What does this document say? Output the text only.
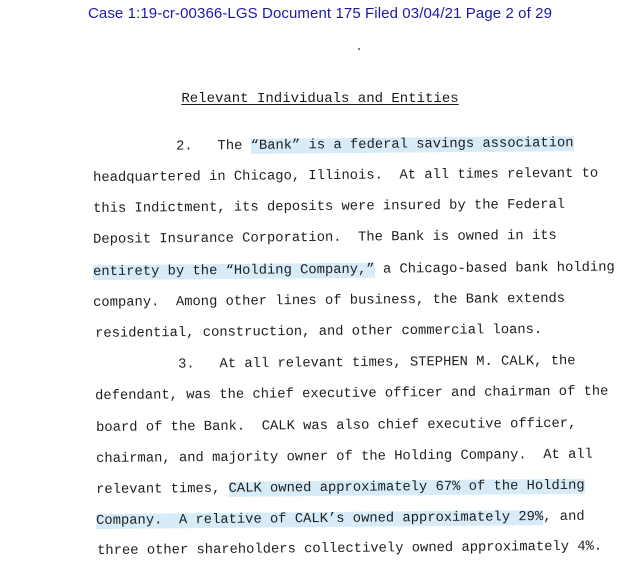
Case 1:19-cr-00366-LGS Document 175 Filed 03/04/21 Page 2 of 29
Relevant Individuals and Entities

2.   The “Bank” is a federal savings association

headquartered in Chicago, Illinois.  At all times relevant to

this Indictment, its deposits were insured by the Federal

Deposit Insurance Corporation.  The Bank is owned in its

entirety by the “Holding Company,” a Chicago-based bank holding

company.  Among other lines of business, the Bank extends

residential, construction, and other commercial loans.

3.   At all relevant times, STEPHEN M. CALK, the

defendant, was the chief executive officer and chairman of the

board of the Bank.  CALK was also chief executive officer,

chairman, and majority owner of the Holding Company.  At all

relevant times, CALK owned approximately 67% of the Holding

Company.  A relative of CALK’s owned approximately 29%, and

three other shareholders collectively owned approximately 4%.
